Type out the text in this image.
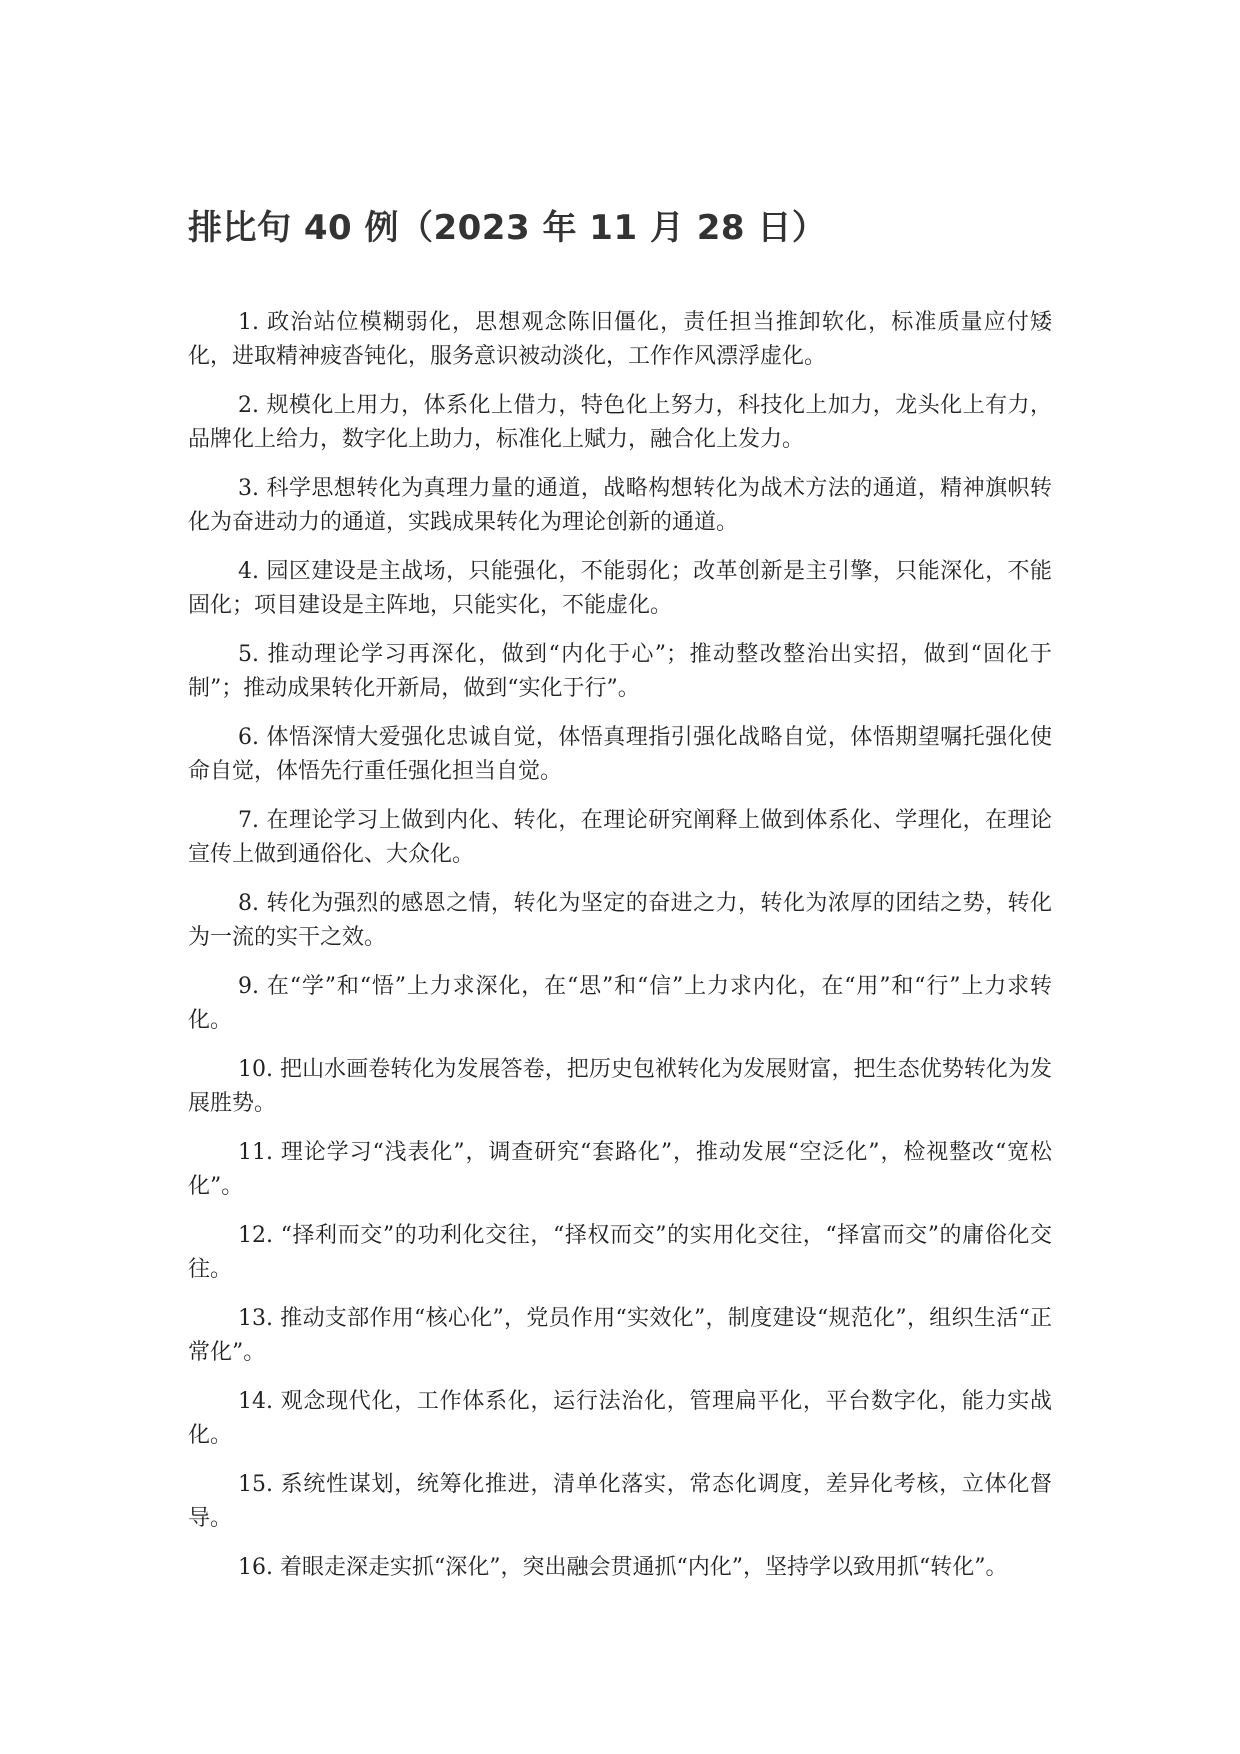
排比句 40 例（2023 年 11 月 28 日）
1. 政治站位模糊弱化，思想观念陈旧僵化，责任担当推卸软化，标准质量应付矮化，进取精神疲沓钝化，服务意识被动淡化，工作作风漂浮虚化。
2. 规模化上用力，体系化上借力，特色化上努力，科技化上加力，龙头化上有力，品牌化上给力，数字化上助力，标准化上赋力，融合化上发力。
3. 科学思想转化为真理力量的通道，战略构想转化为战术方法的通道，精神旗帜转化为奋进动力的通道，实践成果转化为理论创新的通道。
4. 园区建设是主战场，只能强化，不能弱化；改革创新是主引擎，只能深化，不能固化；项目建设是主阵地，只能实化，不能虚化。
5. 推动理论学习再深化，做到“内化于心”；推动整改整治出实招，做到“固化于制”；推动成果转化开新局，做到“实化于行”。
6. 体悟深情大爱强化忠诚自觉，体悟真理指引强化战略自觉，体悟期望嘱托强化使命自觉，体悟先行重任强化担当自觉。
7. 在理论学习上做到内化、转化，在理论研究阐释上做到体系化、学理化，在理论宣传上做到通俗化、大众化。
8. 转化为强烈的感恩之情，转化为坚定的奋进之力，转化为浓厚的团结之势，转化为一流的实干之效。
9. 在“学”和“悟”上力求深化，在“思”和“信”上力求内化，在“用”和“行”上力求转化。
10. 把山水画卷转化为发展答卷，把历史包袱转化为发展财富，把生态优势转化为发展胜势。
11. 理论学习“浅表化”，调查研究“套路化”，推动发展“空泛化”，检视整改“宽松化”。
12. “择利而交”的功利化交往，“择权而交”的实用化交往，“择富而交”的庸俗化交往。
13. 推动支部作用“核心化”，党员作用“实效化”，制度建设“规范化”，组织生活“正常化”。
14. 观念现代化，工作体系化，运行法治化，管理扁平化，平台数字化，能力实战化。
15. 系统性谋划，统筹化推进，清单化落实，常态化调度，差异化考核，立体化督导。
16. 着眼走深走实抓“深化”，突出融会贯通抓“内化”，坚持学以致用抓“转化”。
